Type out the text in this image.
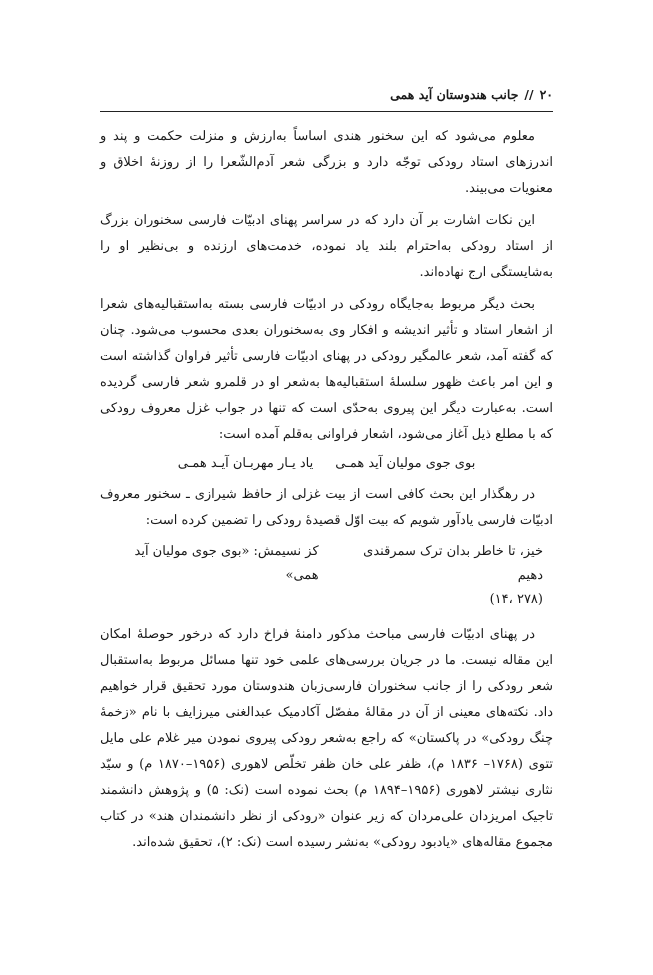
۲۰
//
جانب هندوستان آید همی

معلوم می‌شود که این سخنور هندی اساساً به‌ارزش و منزلت حکمت و پند و اندرزهای استاد رودکی توجّه دارد و بزرگی شعر آدم‌الشّعرا را از روزنهٔ اخلاق و معنویات می‌بیند.

این نکات اشارت بر آن دارد که در سراسر پهنای ادبیّات فارسی سخنوران بزرگ از استاد رودکی به‌احترام بلند یاد نموده، خدمت‌های ارزنده و بی‌نظیر او را به‌شایستگی ارج نهاده‌اند.

بحث دیگر مربوط به‌جایگاه رودکی در ادبیّات فارسی بسته به‌استقبالیه‌های شعرا از اشعار استاد و تأثیر اندیشه و افکار وی به‌سخنوران بعدی محسوب می‌شود. چنان که گفته آمد، شعر عالمگیر رودکی در پهنای ادبیّات فارسی تأثیر فراوان گذاشته است و این امر باعث ظهور سلسلهٔ استقبالیه‌ها به‌شعر او در قلمرو شعر فارسی گردیده است. به‌عبارت دیگر این پیروی به‌حدّی است که تنها در جواب غزل معروف رودکی که با مطلع ذیل آغاز می‌شود، اشعار فراوانی به‌قلم آمده است:

بوی جوی مولیان آید همـییاد یـار مهربـان آیـد همـی

در رهگذار این بحث کافی است از بیت غزلی از حافظ شیرازی ـ سخنور معروف ادبیّات فارسی یادآور شویم که بیت اوّل قصیدهٔ رودکی را تضمین کرده است:

خیز، تا خاطر بدان ترک سمرقندی دهیم
کز نسیمش: «بوی جوی مولیان آید همی»
(۲۷۸ ،۱۴)

در پهنای ادبیّات فارسی مباحث مذکور دامنهٔ فراخ دارد که درخور حوصلهٔ امکان این مقاله نیست. ما در جریان بررسی‌های علمی خود تنها مسائل مربوط به‌استقبال شعر رودکی را از جانب سخنوران فارسی‌زبان هندوستان مورد تحقیق قرار خواهیم داد. نکته‌های معینی از آن در مقالهٔ مفصّل آکادمیک عبدالغنی میرزایف با نام «زخمهٔ چنگ رودکی» در پاکستان» که راجع به‌شعر رودکی پیروی نمودن میر غلام علی مایل تتوی (۱۷۶۸– ۱۸۳۶ م)، ظفر علی خان ظفر تخلّص لاهوری (۱۹۵۶–۱۸۷۰ م) و سیّد نثاری نیشتر لاهوری (۱۹۵۶–۱۸۹۴ م) بحث نموده است (نک: ۵) و پژوهش دانشمند تاجیک امریزدان علی‌مردان که زیر عنوان «رودکی از نظر دانشمندان هند» در کتاب مجموع مقاله‌های «یادبود رودکی» به‌نشر رسیده است (نک: ۲)، تحقیق شده‌اند.
